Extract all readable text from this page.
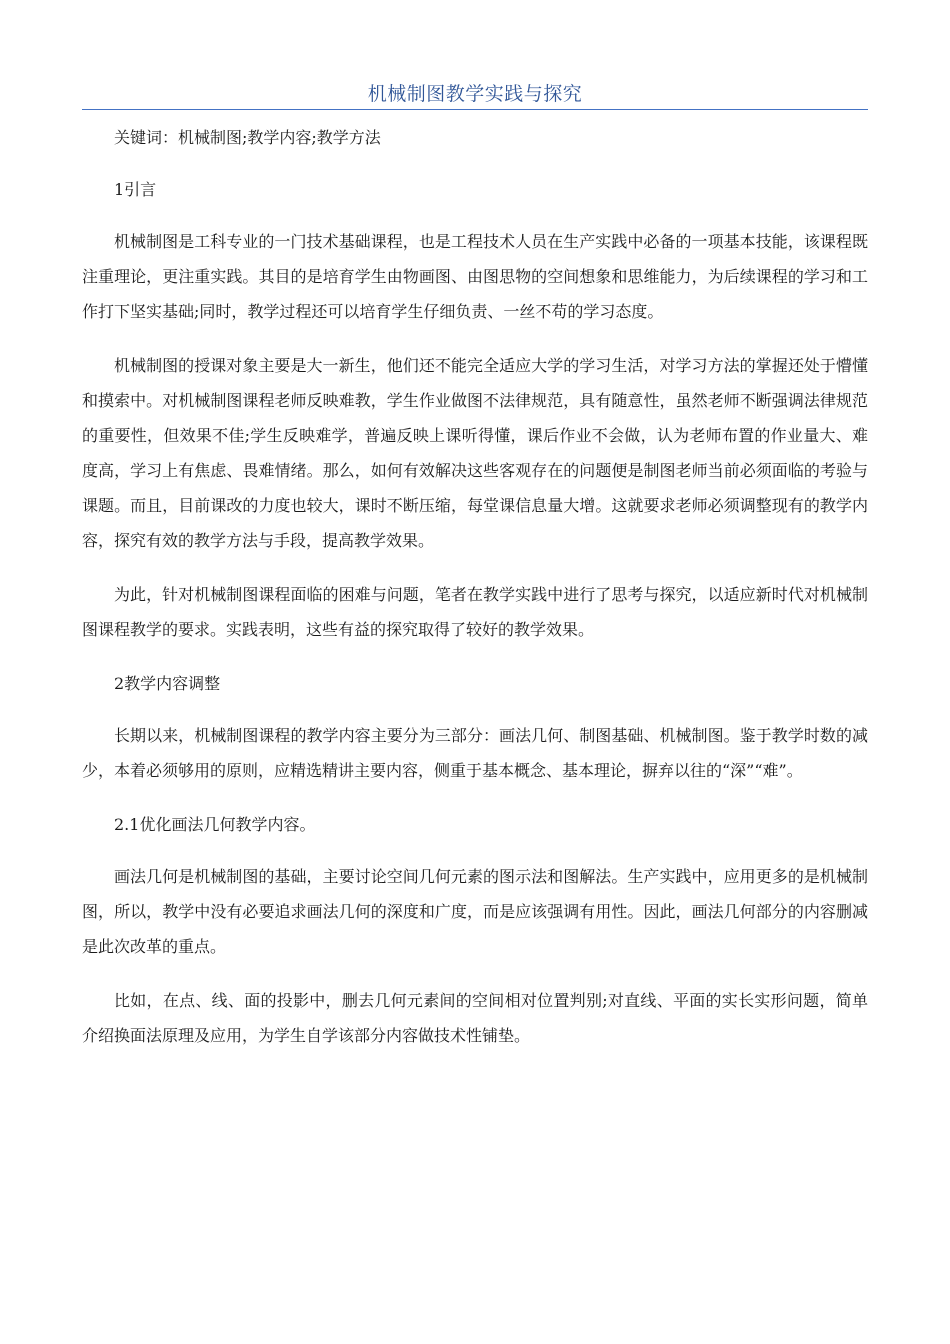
机械制图教学实践与探究

关键词：机械制图;教学内容;教学方法

1引言

机械制图是工科专业的一门技术基础课程，也是工程技术人员在生产实践中必备的一项基本技能，该课程既注重理论，更注重实践。其目的是培育学生由物画图、由图思物的空间想象和思维能力，为后续课程的学习和工作打下坚实基础;同时，教学过程还可以培育学生仔细负责、一丝不苟的学习态度。

机械制图的授课对象主要是大一新生，他们还不能完全适应大学的学习生活，对学习方法的掌握还处于懵懂和摸索中。对机械制图课程老师反映难教，学生作业做图不法律规范，具有随意性，虽然老师不断强调法律规范的重要性，但效果不佳;学生反映难学，普遍反映上课听得懂，课后作业不会做，认为老师布置的作业量大、难度高，学习上有焦虑、畏难情绪。那么，如何有效解决这些客观存在的问题便是制图老师当前必须面临的考验与课题。而且，目前课改的力度也较大，课时不断压缩，每堂课信息量大增。这就要求老师必须调整现有的教学内容，探究有效的教学方法与手段，提高教学效果。

为此，针对机械制图课程面临的困难与问题，笔者在教学实践中进行了思考与探究，以适应新时代对机械制图课程教学的要求。实践表明，这些有益的探究取得了较好的教学效果。

2教学内容调整

长期以来，机械制图课程的教学内容主要分为三部分：画法几何、制图基础、机械制图。鉴于教学时数的减少，本着必须够用的原则，应精选精讲主要内容，侧重于基本概念、基本理论，摒弃以往的“深”“难”。

2.1优化画法几何教学内容。

画法几何是机械制图的基础，主要讨论空间几何元素的图示法和图解法。生产实践中，应用更多的是机械制图，所以，教学中没有必要追求画法几何的深度和广度，而是应该强调有用性。因此，画法几何部分的内容删减是此次改革的重点。

比如，在点、线、面的投影中，删去几何元素间的空间相对位置判别;对直线、平面的实长实形问题，简单介绍换面法原理及应用，为学生自学该部分内容做技术性铺垫。
